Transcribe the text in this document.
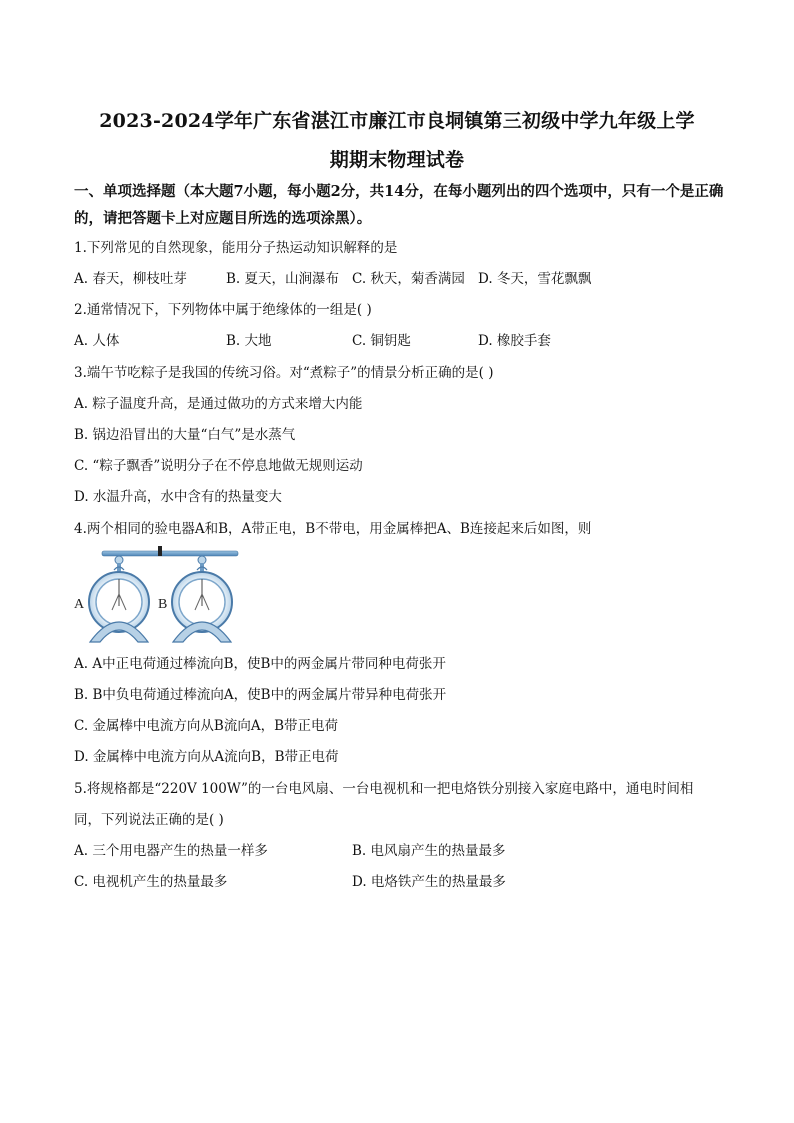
2023-2024学年广东省湛江市廉江市良垌镇第三初级中学九年级上学
期期末物理试卷
一、单项选择题（本大题7小题，每小题2分，共14分，在每小题列出的四个选项中，只有一个是正确的，请把答题卡上对应题目所选的选项涂黑）。
1.下列常见的自然现象，能用分子热运动知识解释的是
A. 春天，柳枝吐芽	B. 夏天，山涧瀑布 C. 秋天，菊香满园 D. 冬天，雪花飘飘
2.通常情况下，下列物体中属于绝缘体的一组是( )
A. 人体	B. 大地	C. 铜钥匙	D. 橡胶手套
3.端午节吃粽子是我国的传统习俗。对“煮粽子”的情景分析正确的是( )
A. 粽子温度升高，是通过做功的方式来增大内能
B. 锅边沿冒出的大量“白气”是水蒸气
C. “粽子飘香”说明分子在不停息地做无规则运动
D. 水温升高，水中含有的热量变大
4.两个相同的验电器A和B，A带正电，B不带电，用金属棒把A、B连接起来后如图，则
A	B
A. A中正电荷通过棒流向B，使B中的两金属片带同种电荷张开
B. B中负电荷通过棒流向A，使B中的两金属片带异种电荷张开
C. 金属棒中电流方向从B流向A，B带正电荷
D. 金属棒中电流方向从A流向B，B带正电荷
5.将规格都是“220V 100W”的一台电风扇、一台电视机和一把电烙铁分别接入家庭电路中，通电时间相
同，下列说法正确的是( )
A. 三个用电器产生的热量一样多	B. 电风扇产生的热量最多
C. 电视机产生的热量最多	D. 电烙铁产生的热量最多
